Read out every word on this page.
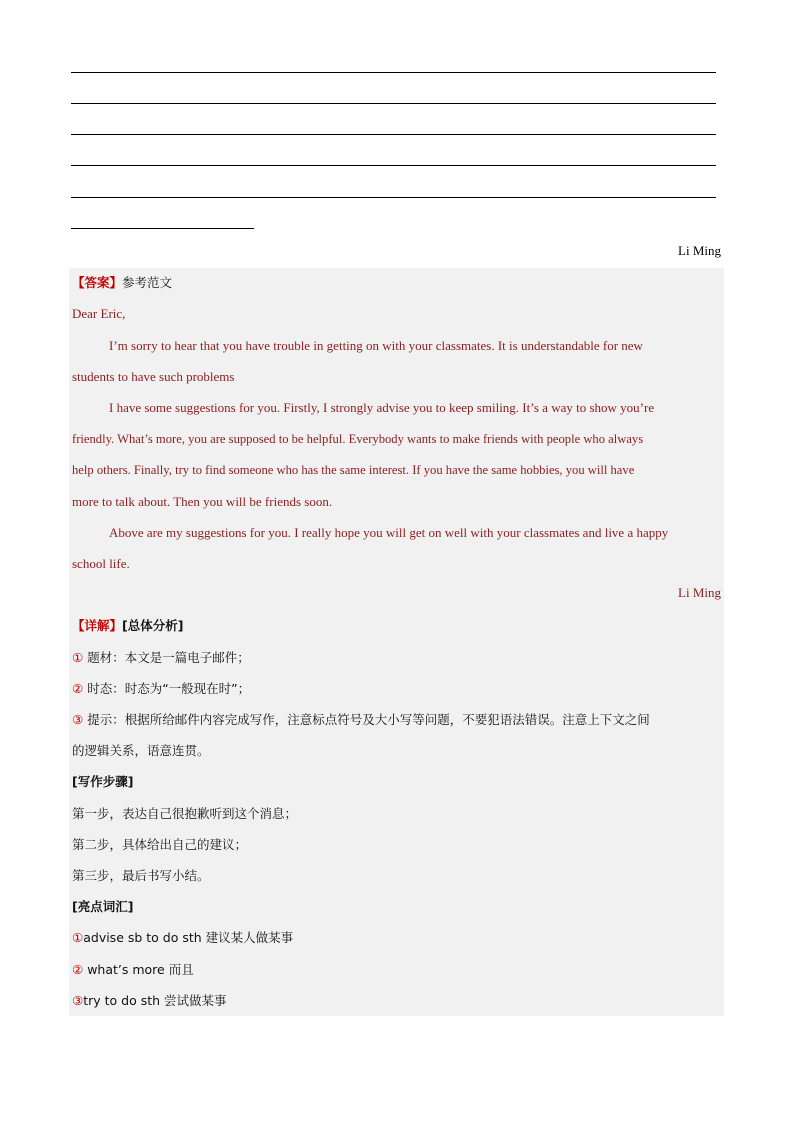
Li Ming
【答案】参考范文
Dear Eric,
I’m sorry to hear that you have trouble in getting on with your classmates. It is understandable for new
students to have such problems
I have some suggestions for you. Firstly, I strongly advise you to keep smiling. It’s a way to show you’re
friendly. What’s more, you are supposed to be helpful. Everybody wants to make friends with people who always
help others. Finally, try to find someone who has the same interest. If you have the same hobbies, you will have
more to talk about. Then you will be friends soon.
Above are my suggestions for you. I really hope you will get on well with your classmates and live a happy
school life.
Li Ming
【详解】[总体分析]
① 题材：本文是一篇电子邮件；
② 时态：时态为“一般现在时”；
③ 提示：根据所给邮件内容完成写作，注意标点符号及大小写等问题，不要犯语法错误。注意上下文之间
的逻辑关系，语意连贯。
[写作步骤]
第一步，表达自己很抱歉听到这个消息；
第二步，具体给出自己的建议；
第三步，最后书写小结。
[亮点词汇]
①advise sb to do sth 建议某人做某事
② what’s more 而且
③try to do sth 尝试做某事
